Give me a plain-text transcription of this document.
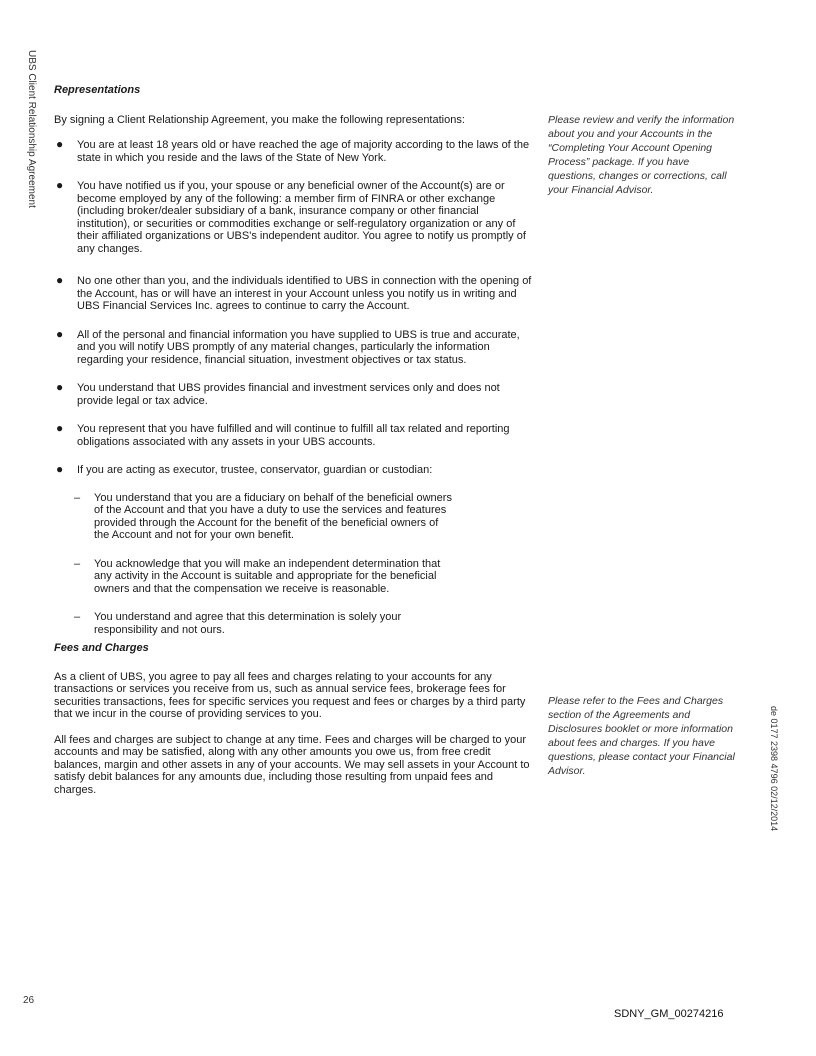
UBS Client Relationship Agreement
de 0177 2398 4796 02/12/2014
Representations

By signing a Client Relationship Agreement, you make the following representations:

● You are at least 18 years old or have reached the age of majority according to the laws of the state in which you reside and the laws of the State of New York.
● You have notified us if you, your spouse or any beneficial owner of the Account(s) are or become employed by any of the following: a member firm of FINRA or other exchange (including broker/dealer subsidiary of a bank, insurance company or other financial institution), or securities or commodities exchange or self-regulatory organization or any of their affiliated organizations or UBS's independent auditor. You agree to notify us promptly of any changes.
● No one other than you, and the individuals identified to UBS in connection with the opening of the Account, has or will have an interest in your Account unless you notify us in writing and UBS Financial Services Inc. agrees to continue to carry the Account.
● All of the personal and financial information you have supplied to UBS is true and accurate, and you will notify UBS promptly of any material changes, particularly the information regarding your residence, financial situation, investment objectives or tax status.
● You understand that UBS provides financial and investment services only and does not provide legal or tax advice.
● You represent that you have fulfilled and will continue to fulfill all tax related and reporting obligations associated with any assets in your UBS accounts.
● If you are acting as executor, trustee, conservator, guardian or custodian:
– You understand that you are a fiduciary on behalf of the beneficial owners of the Account and that you have a duty to use the services and features provided through the Account for the benefit of the beneficial owners of the Account and not for your own benefit.
– You acknowledge that you will make an independent determination that any activity in the Account is suitable and appropriate for the beneficial owners and that the compensation we receive is reasonable.
– You understand and agree that this determination is solely your responsibility and not ours.
Fees and Charges

As a client of UBS, you agree to pay all fees and charges relating to your accounts for any transactions or services you receive from us, such as annual service fees, brokerage fees for securities transactions, fees for specific services you request and fees or charges by a third party that we incur in the course of providing services to you.

All fees and charges are subject to change at any time. Fees and charges will be charged to your accounts and may be satisfied, along with any other amounts you owe us, from free credit balances, margin and other assets in any of your accounts. We may sell assets in your Account to satisfy debit balances for any amounts due, including those resulting from unpaid fees and charges.

Please review and verify the information about you and your Accounts in the “Completing Your Account Opening Process” package. If you have questions, changes or corrections, call your Financial Advisor.
Please refer to the Fees and Charges section of the Agreements and Disclosures booklet or more information about fees and charges. If you have questions, please contact your Financial Advisor.
26
SDNY_GM_00274216
